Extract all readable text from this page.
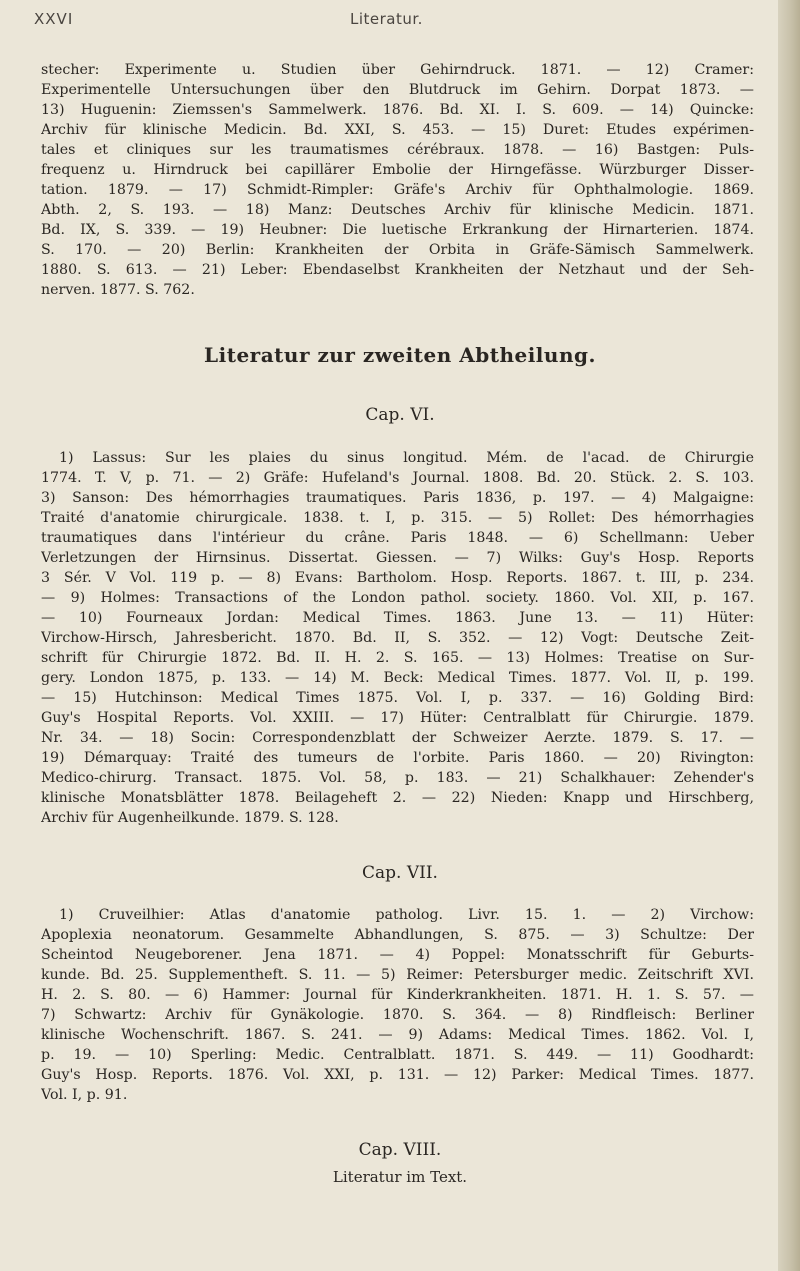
XXVI	Literatur.
stecher: Experimente u. Studien über Gehirndruck. 1871. — 12) Cramer:
Experimentelle Untersuchungen über den Blutdruck im Gehirn. Dorpat 1873. —
13) Huguenin: Ziemssen's Sammelwerk. 1876. Bd. XI. I. S. 609. — 14) Quincke:
Archiv für klinische Medicin. Bd. XXI, S. 453. — 15) Duret: Etudes expérimen-
tales et cliniques sur les traumatismes cérébraux. 1878. — 16) Bastgen: Puls-
frequenz u. Hirndruck bei capillärer Embolie der Hirngefässe. Würzburger Disser-
tation. 1879. — 17) Schmidt-Rimpler: Gräfe's Archiv für Ophthalmologie. 1869.
Abth. 2, S. 193. — 18) Manz: Deutsches Archiv für klinische Medicin. 1871.
Bd. IX, S. 339. — 19) Heubner: Die luetische Erkrankung der Hirnarterien. 1874.
S. 170. — 20) Berlin: Krankheiten der Orbita in Gräfe-Sämisch Sammelwerk.
1880. S. 613. — 21) Leber: Ebendaselbst Krankheiten der Netzhaut und der Seh-
nerven. 1877. S. 762.
Literatur zur zweiten Abtheilung.
Cap. VI.
1) Lassus: Sur les plaies du sinus longitud. Mém. de l'acad. de Chirurgie
1774. T. V, p. 71. — 2) Gräfe: Hufeland's Journal. 1808. Bd. 20. Stück. 2. S. 103.
3) Sanson: Des hémorrhagies traumatiques. Paris 1836, p. 197. — 4) Malgaigne:
Traité d'anatomie chirurgicale. 1838. t. I, p. 315. — 5) Rollet: Des hémorrhagies
traumatiques dans l'intérieur du crâne. Paris 1848. — 6) Schellmann: Ueber
Verletzungen der Hirnsinus. Dissertat. Giessen. — 7) Wilks: Guy's Hosp. Reports
3 Sér. V Vol. 119 p. — 8) Evans: Bartholom. Hosp. Reports. 1867. t. III, p. 234.
— 9) Holmes: Transactions of the London pathol. society. 1860. Vol. XII, p. 167.
— 10) Fourneaux Jordan: Medical Times. 1863. June 13. — 11) Hüter:
Virchow-Hirsch, Jahresbericht. 1870. Bd. II, S. 352. — 12) Vogt: Deutsche Zeit-
schrift für Chirurgie 1872. Bd. II. H. 2. S. 165. — 13) Holmes: Treatise on Sur-
gery. London 1875, p. 133. — 14) M. Beck: Medical Times. 1877. Vol. II, p. 199.
— 15) Hutchinson: Medical Times 1875. Vol. I, p. 337. — 16) Golding Bird:
Guy's Hospital Reports. Vol. XXIII. — 17) Hüter: Centralblatt für Chirurgie. 1879.
Nr. 34. — 18) Socin: Correspondenzblatt der Schweizer Aerzte. 1879. S. 17. —
19) Démarquay: Traité des tumeurs de l'orbite. Paris 1860. — 20) Rivington:
Medico-chirurg. Transact. 1875. Vol. 58, p. 183. — 21) Schalkhauer: Zehender's
klinische Monatsblätter 1878. Beilageheft 2. — 22) Nieden: Knapp und Hirschberg,
Archiv für Augenheilkunde. 1879. S. 128.
Cap. VII.
1) Cruveilhier: Atlas d'anatomie patholog. Livr. 15. 1. — 2) Virchow:
Apoplexia neonatorum. Gesammelte Abhandlungen, S. 875. — 3) Schultze: Der
Scheintod Neugeborener. Jena 1871. — 4) Poppel: Monatsschrift für Geburts-
kunde. Bd. 25. Supplementheft. S. 11. — 5) Reimer: Petersburger medic. Zeitschrift XVI.
H. 2. S. 80. — 6) Hammer: Journal für Kinderkrankheiten. 1871. H. 1. S. 57. —
7) Schwartz: Archiv für Gynäkologie. 1870. S. 364. — 8) Rindfleisch: Berliner
klinische Wochenschrift. 1867. S. 241. — 9) Adams: Medical Times. 1862. Vol. I,
p. 19. — 10) Sperling: Medic. Centralblatt. 1871. S. 449. — 11) Goodhardt:
Guy's Hosp. Reports. 1876. Vol. XXI, p. 131. — 12) Parker: Medical Times. 1877.
Vol. I, p. 91.
Cap. VIII.
Literatur im Text.
